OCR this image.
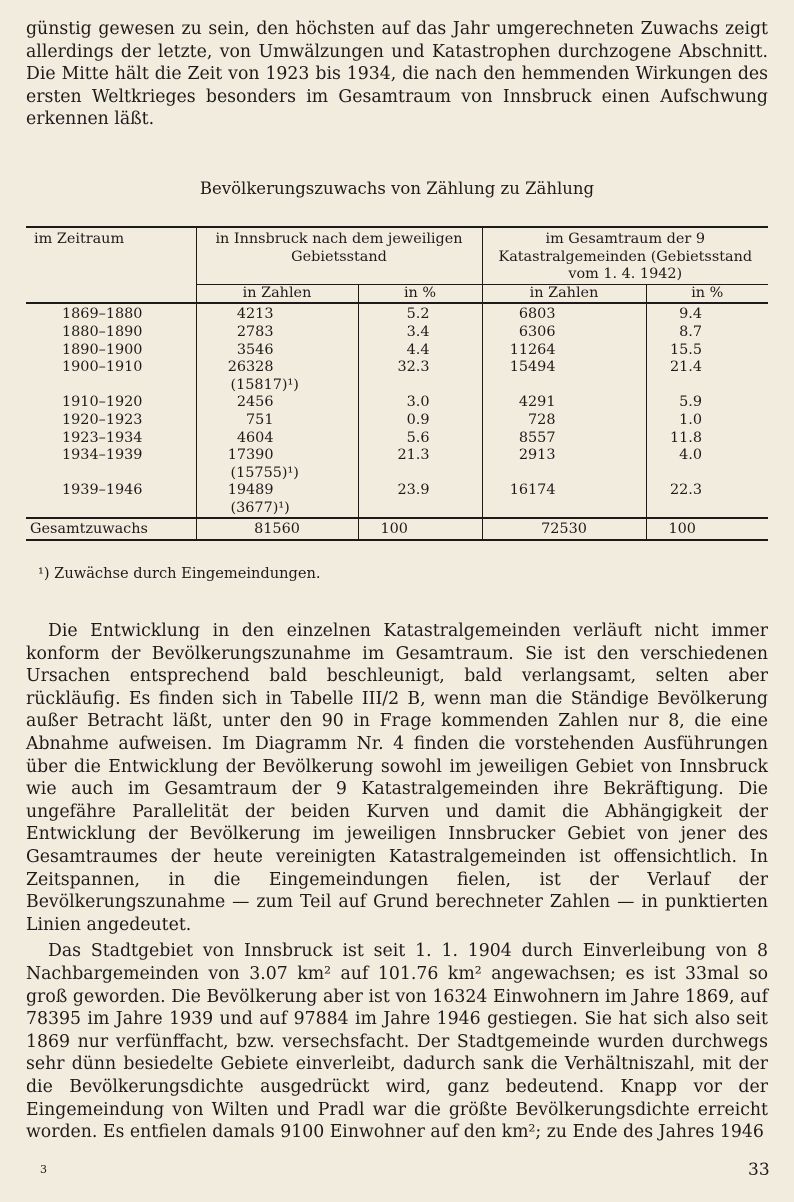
günstig gewesen zu sein, den höchsten auf das Jahr umgerechneten Zuwachs zeigt allerdings der letzte, von Umwälzungen und Katastrophen durchzogene Abschnitt. Die Mitte hält die Zeit von 1923 bis 1934, die nach den hemmenden Wirkungen des ersten Weltkrieges besonders im Gesamtraum von Innsbruck einen Aufschwung erkennen läßt.

Bevölkerungszuwachs von Zählung zu Zählung

im Zeitraum	in Innsbruck nach dem jeweiligen Gebietsstand		im Gesamtraum der 9 Katastralgemeinden (Gebietsstand vom 1. 4. 1942)	
	in Zahlen	in %	in Zahlen	in %

1869–1880	4213	5.2	6803	9.4
1880–1890	2783	3.4	6306	8.7
1890–1900	3546	4.4	11264	15.5
1900–1910	26328	32.3	15494	21.4
	(15817)¹)			
1910–1920	2456	3.0	4291	5.9
1920–1923	751	0.9	728	1.0
1923–1934	4604	5.6	8557	11.8
1934–1939	17390	21.3	2913	4.0
	(15755)¹)			
1939–1946	19489	23.9	16174	22.3
	(3677)¹)			

Gesamtzuwachs	81560	100	72530	100

¹) Zuwächse durch Eingemeindungen.

Die Entwicklung in den einzelnen Katastralgemeinden verläuft nicht immer konform der Bevölkerungszunahme im Gesamtraum. Sie ist den verschiedenen Ursachen entsprechend bald beschleunigt, bald verlangsamt, selten aber rückläufig. Es finden sich in Tabelle III/2 B, wenn man die Ständige Bevölkerung außer Betracht läßt, unter den 90 in Frage kommenden Zahlen nur 8, die eine Abnahme aufweisen. Im Diagramm Nr. 4 finden die vorstehenden Ausführungen über die Entwicklung der Bevölkerung sowohl im jeweiligen Gebiet von Innsbruck wie auch im Gesamtraum der 9 Katastralgemeinden ihre Bekräftigung. Die ungefähre Parallelität der beiden Kurven und damit die Abhängigkeit der Entwicklung der Bevölkerung im jeweiligen Innsbrucker Gebiet von jener des Gesamtraumes der heute vereinigten Katastralgemeinden ist offensichtlich. In Zeitspannen, in die Eingemeindungen fielen, ist der Verlauf der Bevölkerungszunahme — zum Teil auf Grund berechneter Zahlen — in punktierten Linien angedeutet.

Das Stadtgebiet von Innsbruck ist seit 1. 1. 1904 durch Einverleibung von 8 Nachbargemeinden von 3.07 km² auf 101.76 km² angewachsen; es ist 33mal so groß geworden. Die Bevölkerung aber ist von 16324 Einwohnern im Jahre 1869, auf 78395 im Jahre 1939 und auf 97884 im Jahre 1946 gestiegen. Sie hat sich also seit 1869 nur verfünffacht, bzw. versechsfacht. Der Stadtgemeinde wurden durchwegs sehr dünn besiedelte Gebiete einverleibt, dadurch sank die Verhältniszahl, mit der die Bevölkerungsdichte ausgedrückt wird, ganz bedeutend. Knapp vor der Eingemeindung von Wilten und Pradl war die größte Bevölkerungsdichte erreicht worden. Es entfielen damals 9100 Einwohner auf den km²; zu Ende des Jahres 1946

3	33
